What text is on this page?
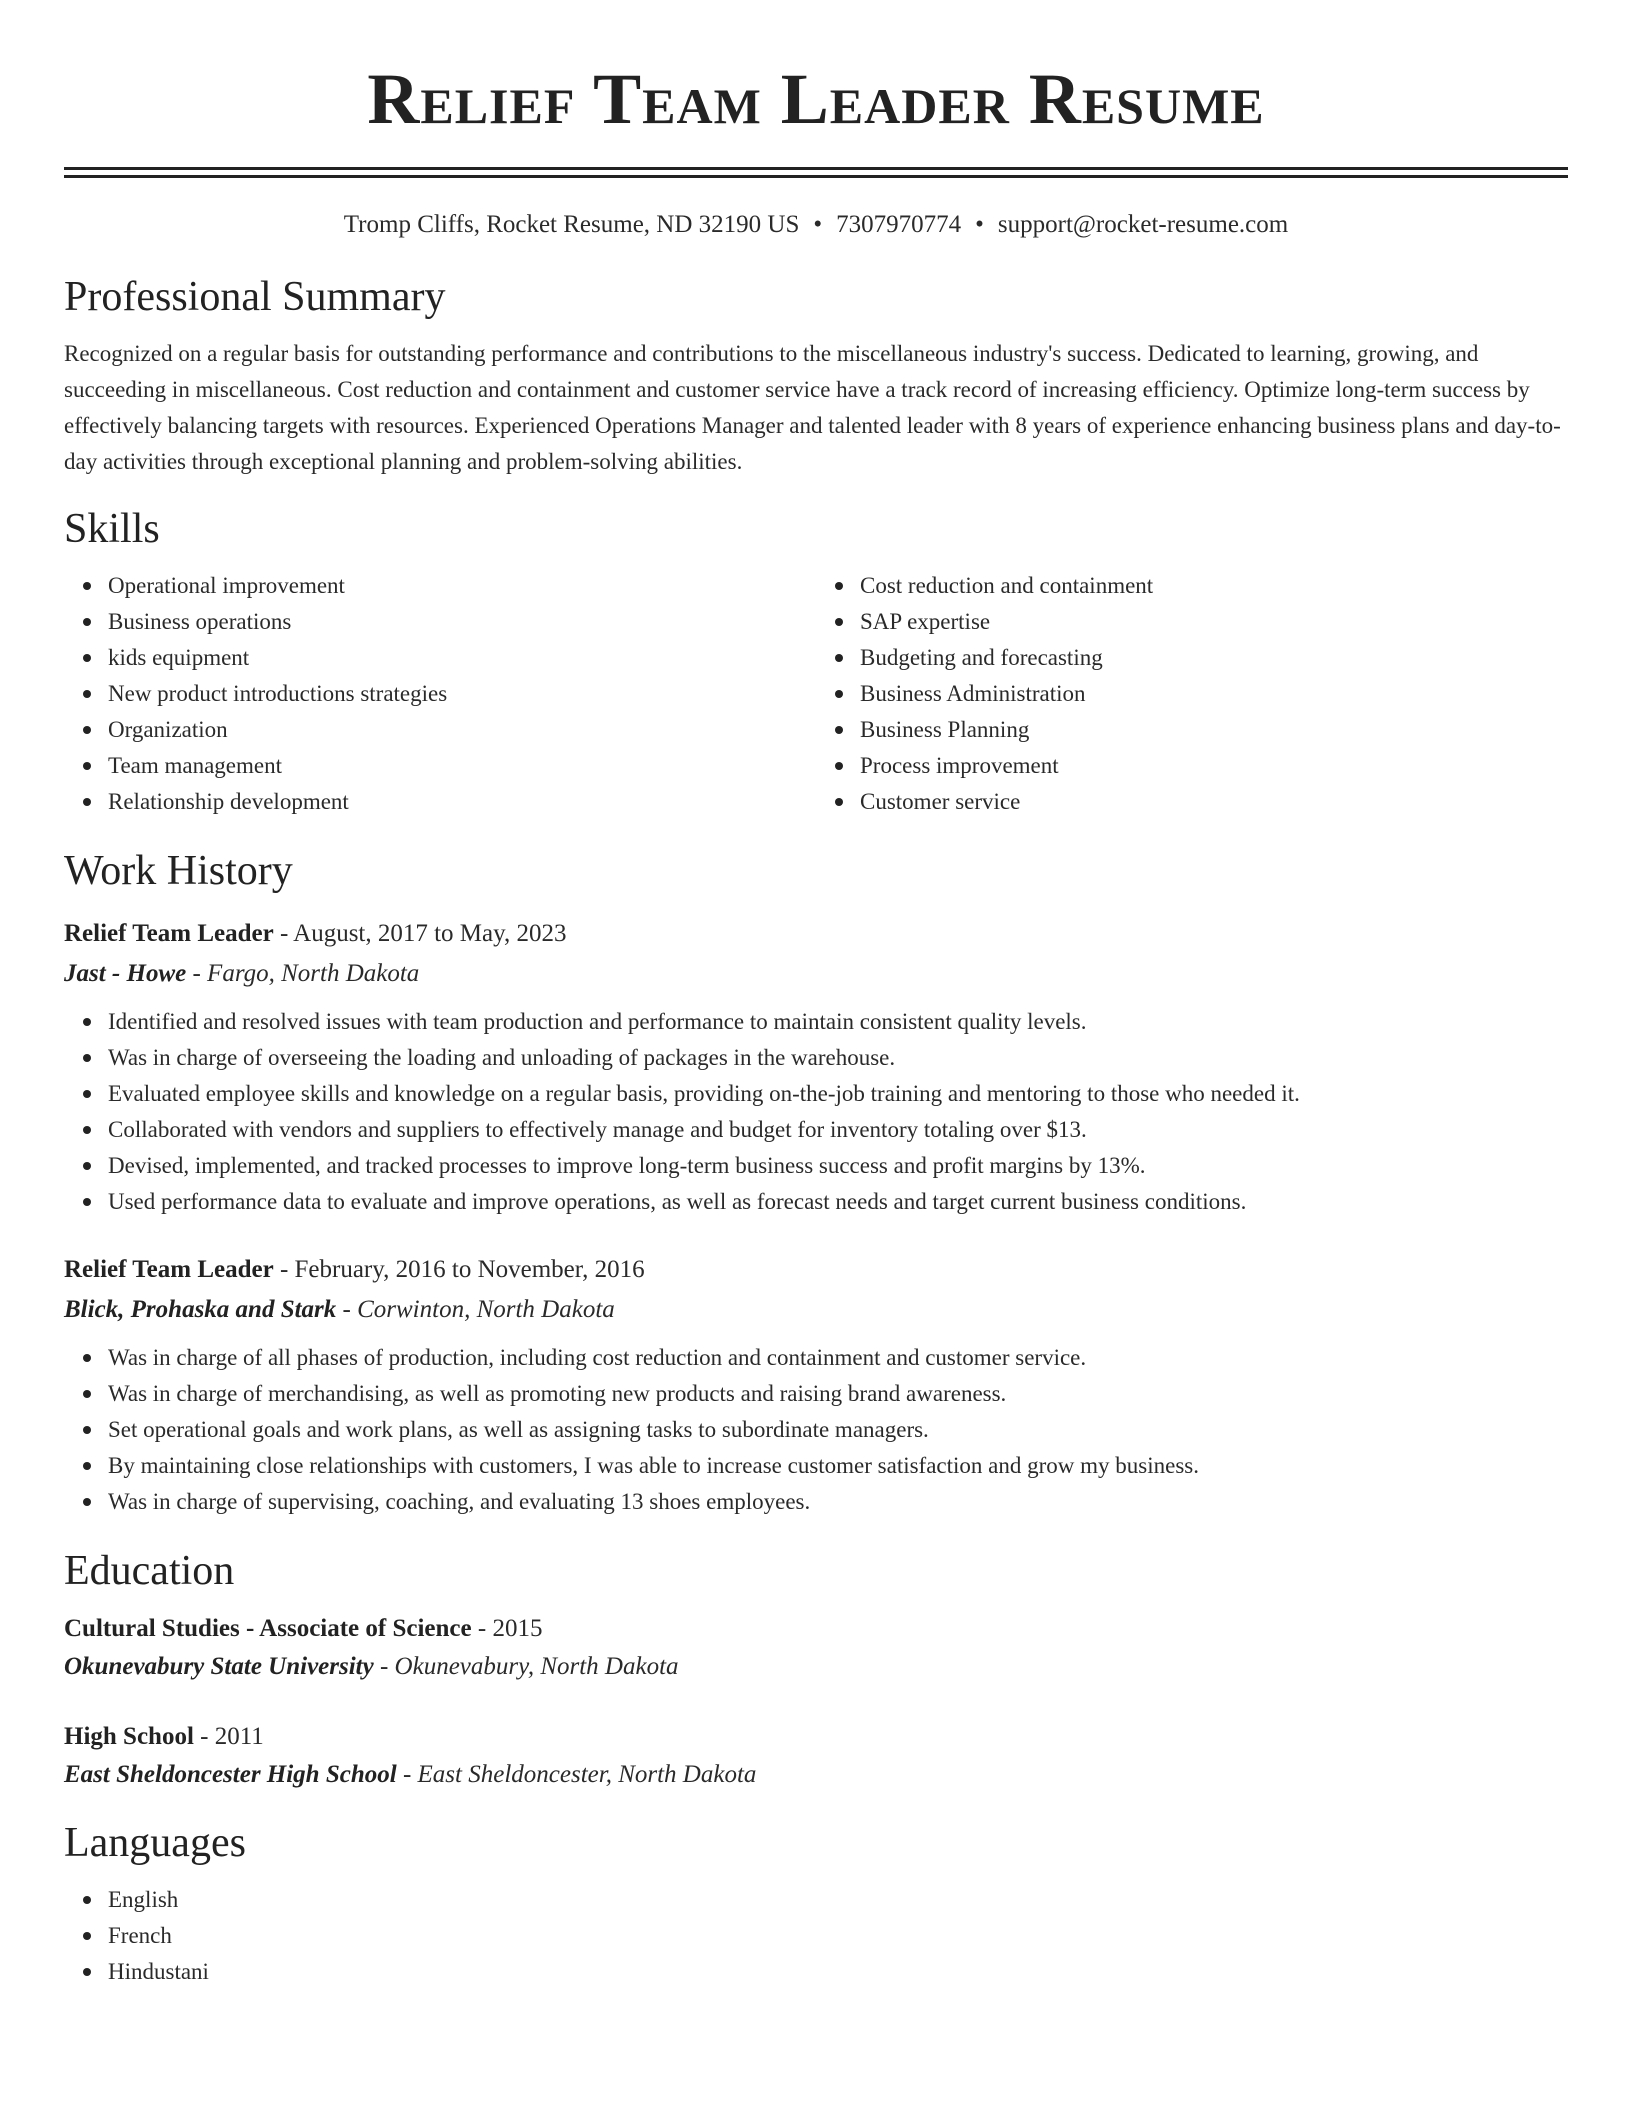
Relief Team Leader Resume
Tromp Cliffs, Rocket Resume, ND 32190 US • 7307970774 • support@rocket-resume.com
Professional Summary

Recognized on a regular basis for outstanding performance and contributions to the miscellaneous industry's success. Dedicated to learning, growing, and succeeding in miscellaneous. Cost reduction and containment and customer service have a track record of increasing efficiency. Optimize long-term success by effectively balancing targets with resources. Experienced Operations Manager and talented leader with 8 years of experience enhancing business plans and day-to-day activities through exceptional planning and problem-solving abilities.

Skills
Operational improvement
Business operations
kids equipment
New product introductions strategies
Organization
Team management
Relationship development
Cost reduction and containment
SAP expertise
Budgeting and forecasting
Business Administration
Business Planning
Process improvement
Customer service
Work History
Relief Team Leader - August, 2017 to May, 2023
Jast - Howe - Fargo, North Dakota
Identified and resolved issues with team production and performance to maintain consistent quality levels.
Was in charge of overseeing the loading and unloading of packages in the warehouse.
Evaluated employee skills and knowledge on a regular basis, providing on-the-job training and mentoring to those who needed it.
Collaborated with vendors and suppliers to effectively manage and budget for inventory totaling over $13.
Devised, implemented, and tracked processes to improve long-term business success and profit margins by 13%.
Used performance data to evaluate and improve operations, as well as forecast needs and target current business conditions.
Relief Team Leader - February, 2016 to November, 2016
Blick, Prohaska and Stark - Corwinton, North Dakota
Was in charge of all phases of production, including cost reduction and containment and customer service.
Was in charge of merchandising, as well as promoting new products and raising brand awareness.
Set operational goals and work plans, as well as assigning tasks to subordinate managers.
By maintaining close relationships with customers, I was able to increase customer satisfaction and grow my business.
Was in charge of supervising, coaching, and evaluating 13 shoes employees.
Education
Cultural Studies - Associate of Science - 2015
Okunevabury State University - Okunevabury, North Dakota
High School - 2011
East Sheldoncester High School - East Sheldoncester, North Dakota
Languages
English
French
Hindustani
